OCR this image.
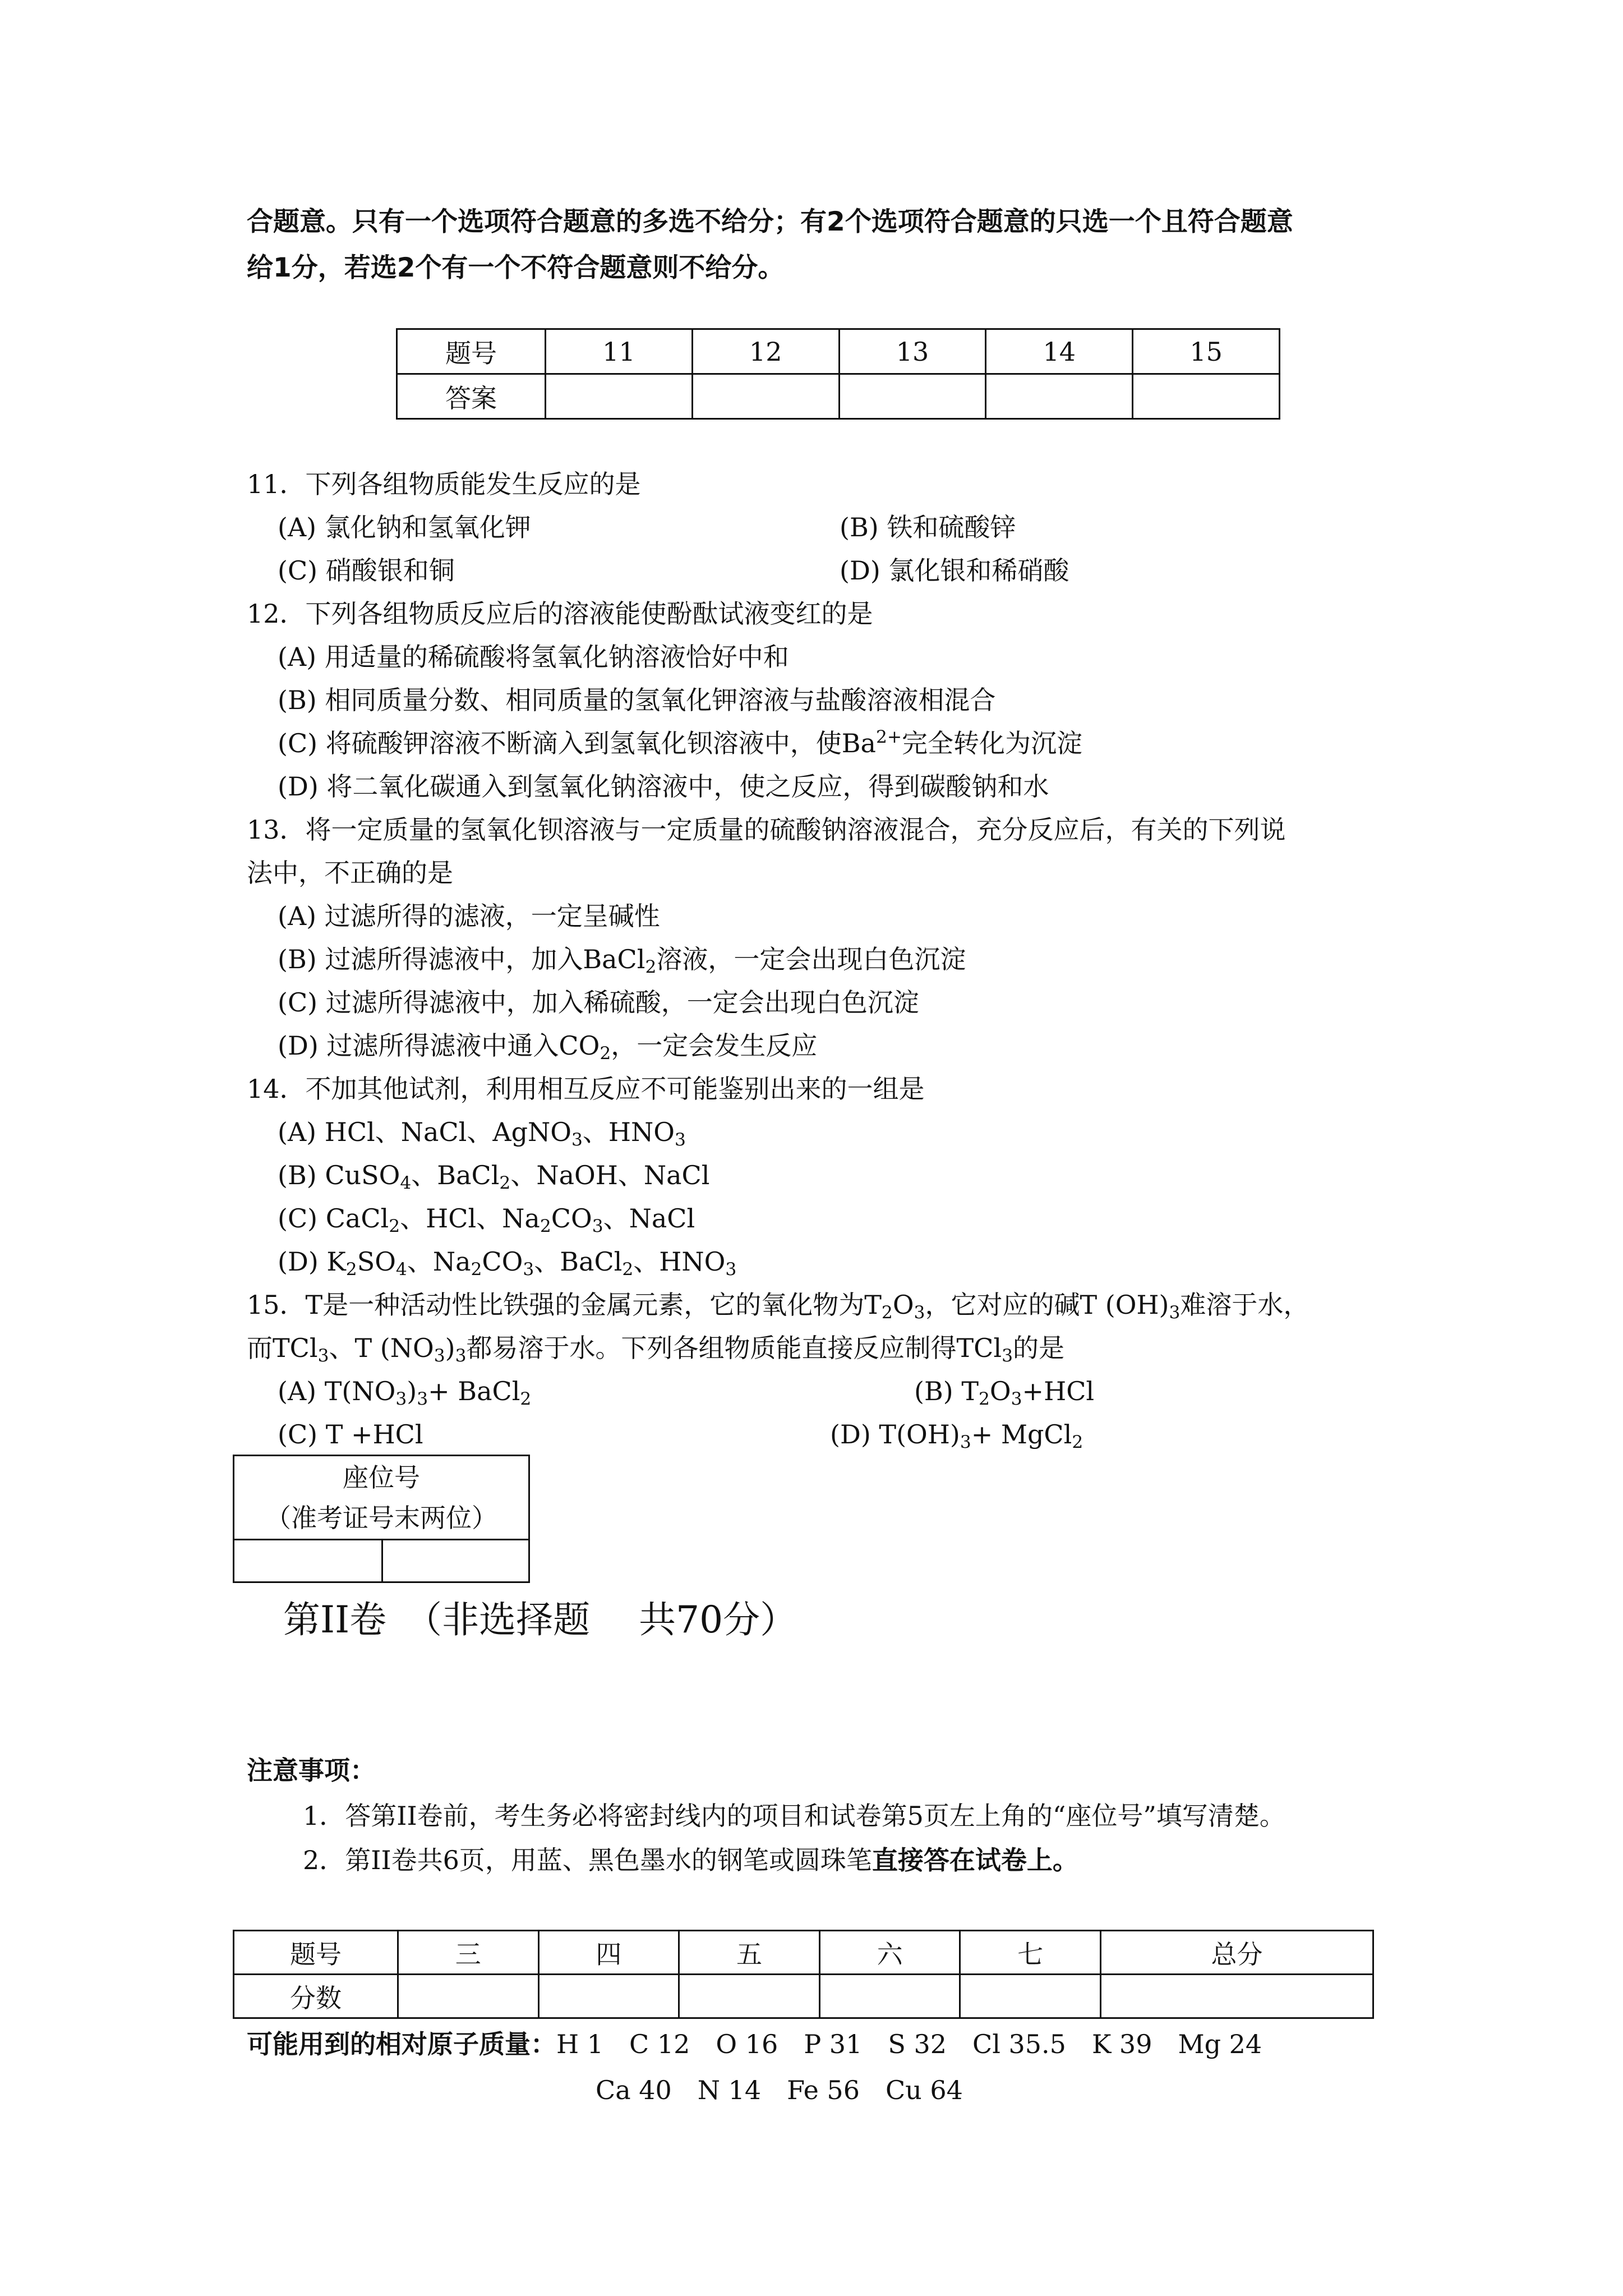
合题意。只有一个选项符合题意的多选不给分；有2个选项符合题意的只选一个且符合题意
给1分，若选2个有一个不符合题意则不给分。
题号	11	12	13	14	15
答案					
11．下列各组物质能发生反应的是
(A) 氯化钠和氢氧化钾	(B) 铁和硫酸锌
(C) 硝酸银和铜	(D) 氯化银和稀硝酸
12．下列各组物质反应后的溶液能使酚酞试液变红的是
(A) 用适量的稀硫酸将氢氧化钠溶液恰好中和
(B) 相同质量分数、相同质量的氢氧化钾溶液与盐酸溶液相混合
(C) 将硫酸钾溶液不断滴入到氢氧化钡溶液中，使$Ba^{2+}$完全转化为沉淀
(D) 将二氧化碳通入到氢氧化钠溶液中，使之反应，得到碳酸钠和水
13．将一定质量的氢氧化钡溶液与一定质量的硫酸钠溶液混合，充分反应后，有关的下列说
法中，不正确的是
(A) 过滤所得的滤液，一定呈碱性
(B) 过滤所得滤液中，加入BaCl$_2$溶液，一定会出现白色沉淀
(C) 过滤所得滤液中，加入稀硫酸，一定会出现白色沉淀
(D) 过滤所得滤液中通入$CO_2$，一定会发生反应
14．不加其他试剂，利用相互反应不可能鉴别出来的一组是
(A) HCl、NaCl、AgNO$_3$、$HNO_3$
(B) CuSO$_4$、BaCl$_2$、NaOH、NaCl
(C) CaCl$_2$、HCl、$Na_2CO_3$、NaCl
(D) $K_2SO_4$、$Na_2CO_3$、BaCl$_2$、$HNO_3$
15．T是一种活动性比铁强的金属元素，它的氧化物为$T_2O_3$，它对应的碱T $(OH)_3$难溶于水，
而TCl$_3$、T $(NO_3)_3$都易溶于水。下列各组物质能直接反应制得TCl$_3$的是
(A) $T(NO_3)_3+$ BaCl$_2$	(B) $T_2O_3+HCl$
(C) T +HCl	(D) $T(OH)_3+$ MgCl$_2$
座位号
（准考证号末两位）

第II卷　（非选择题　 共70分）
注意事项：
1．答第II卷前，考生务必将密封线内的项目和试卷第5页左上角的“座位号”填写清楚。
2．第II卷共6页，用蓝、黑色墨水的钢笔或圆珠笔直接答在试卷上。
题号	三	四	五	六	七	总分
分数						
可能用到的相对原子质量：H 1　C 12　O 16　P 31　S 32　Cl 35.5　K 39　Mg 24
Ca 40　N 14　Fe 56　Cu 64
